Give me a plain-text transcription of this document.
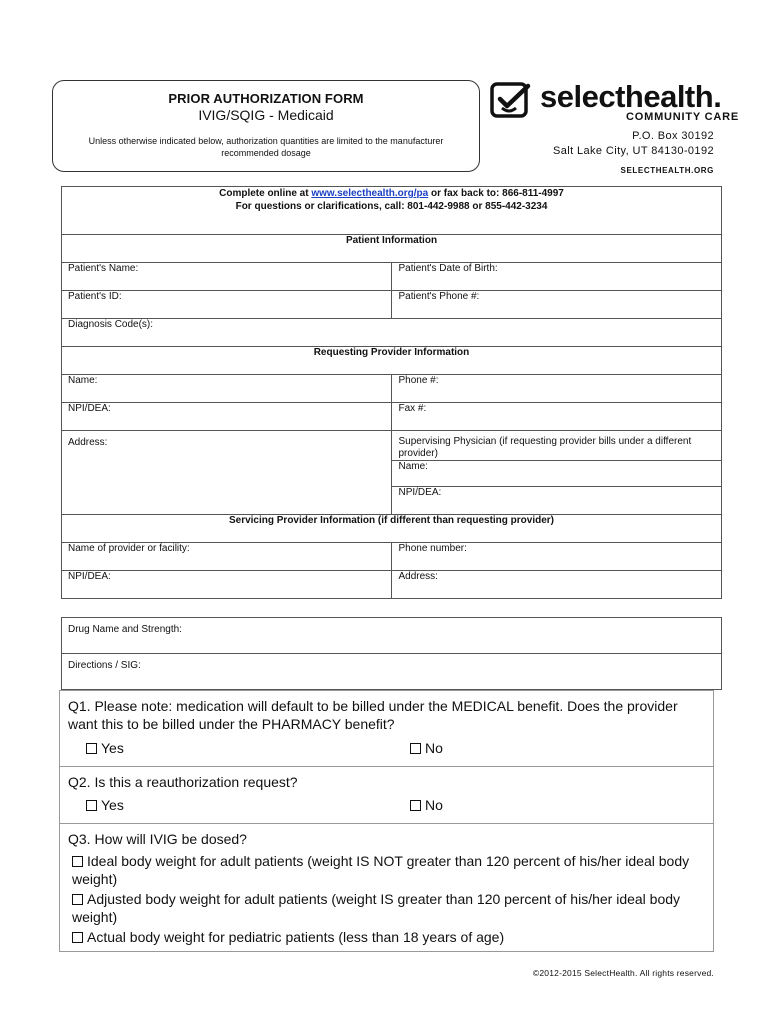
PRIOR AUTHORIZATION FORM
IVIG/SQIG - Medicaid
Unless otherwise indicated below, authorization quantities are limited to the manufacturer recommended dosage
selecthealth.
COMMUNITY CARE
P.O. Box 30192
Salt Lake City, UT 84130-0192
SELECTHEALTH.ORG
Complete online at www.selecthealth.org/pa or fax back to: 866-811-4997
For questions or clarifications, call: 801-442-9988 or 855-442-3234	
Patient Information	
Patient's Name:	Patient's Date of Birth:
Patient's ID:	Patient's Phone #:
Diagnosis Code(s):	
Requesting Provider Information	
Name:	Phone #:
NPI/DEA:	Fax #:
Address:	Supervising Physician (if requesting provider bills under a different provider)

	Name:
	NPI/DEA:
Servicing Provider Information (if different than requesting provider)	
Name of provider or facility:	Phone number:
NPI/DEA:	Address:
Drug Name and Strength:
Directions / SIG:
Q1. Please note: medication will default to be billed under the MEDICAL benefit. Does the provider want this to be billed under the PHARMACY benefit?
Yes	No
Q2. Is this a reauthorization request?
Yes	No
Q3. How will IVIG be dosed?
Ideal body weight for adult patients (weight IS NOT greater than 120 percent of his/her ideal body weight)
Adjusted body weight for adult patients (weight IS greater than 120 percent of his/her ideal body weight)
Actual body weight for pediatric patients (less than 18 years of age)
©2012-2015 SelectHealth. All rights reserved.
